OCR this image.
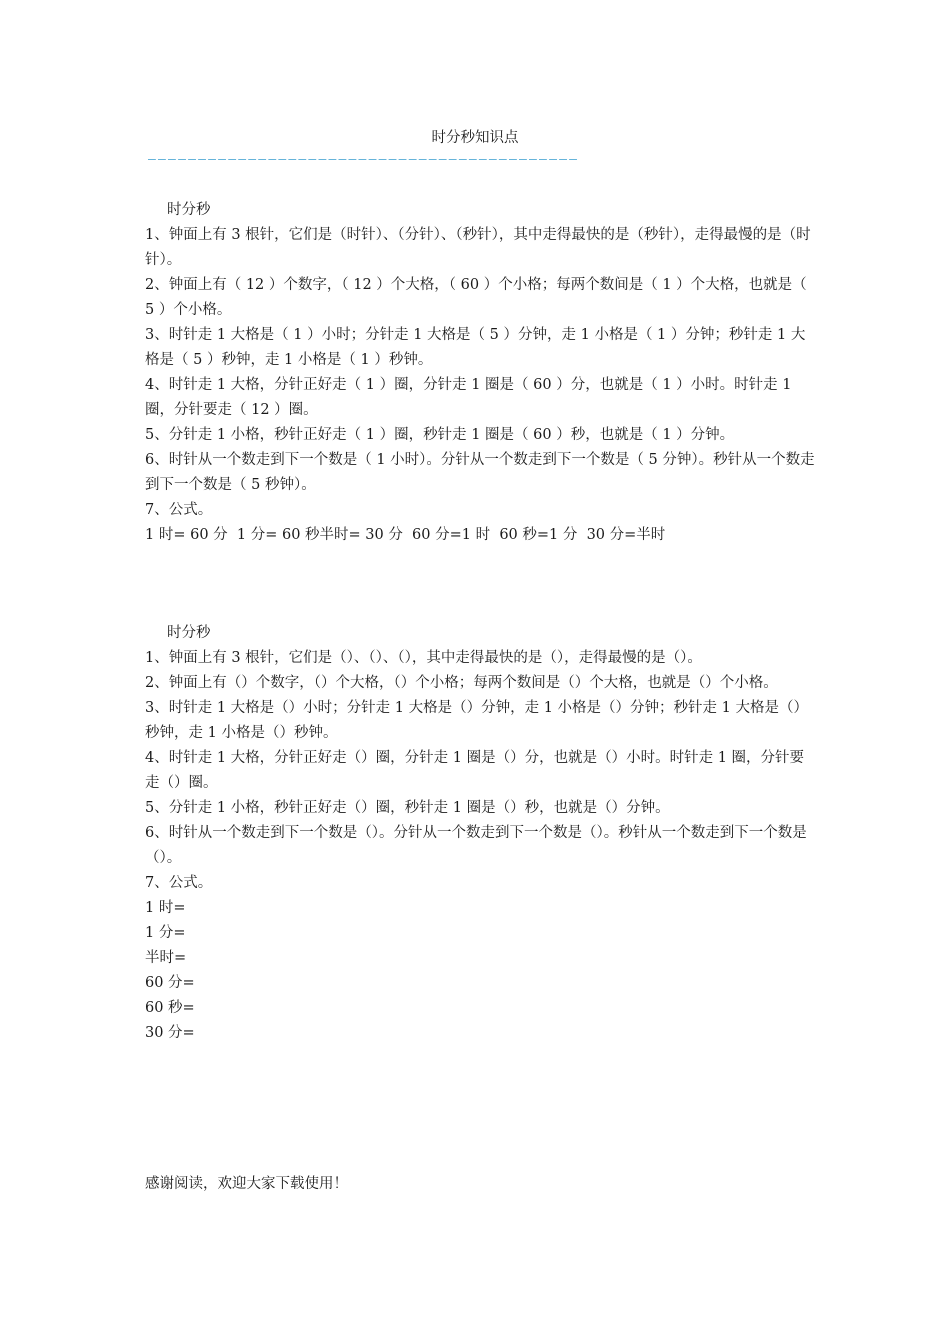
时分秒知识点
———————————————————————————————————————————

时分秒

1、钟面上有 3 根针，它们是（时针）、（分针）、（秒针），其中走得最快的是（秒针），走得最慢的是（时针）。

2、钟面上有（ 12 ）个数字，（ 12 ）个大格，（ 60 ）个小格；每两个数间是（ 1 ）个大格，也就是（ 5 ）个小格。

3、时针走 1 大格是（ 1 ）小时；分针走 1 大格是（ 5 ）分钟，走 1 小格是（ 1 ）分钟；秒针走 1 大格是（ 5 ）秒钟，走 1 小格是（ 1 ）秒钟。

4、时针走 1 大格，分针正好走（ 1 ）圈，分针走 1 圈是（ 60 ）分，也就是（ 1 ）小时。时针走 1 圈，分针要走（ 12 ）圈。

5、分针走 1 小格，秒针正好走（ 1 ）圈，秒针走 1 圈是（ 60 ）秒，也就是（ 1 ）分钟。

6、时针从一个数走到下一个数是（ 1 小时）。分针从一个数走到下一个数是（ 5 分钟）。秒针从一个数走到下一个数是（ 5 秒钟）。

7、公式。

1 时= 60 分  1 分= 60 秒半时= 30 分  60 分=1 时  60 秒=1 分  30 分=半时

时分秒

1、钟面上有 3 根针，它们是（）、（）、（），其中走得最快的是（），走得最慢的是（）。

2、钟面上有（）个数字，（）个大格，（）个小格；每两个数间是（）个大格，也就是（）个小格。

3、时针走 1 大格是（）小时；分针走 1 大格是（）分钟，走 1 小格是（）分钟；秒针走 1 大格是（）秒钟，走 1 小格是（）秒钟。

4、时针走 1 大格，分针正好走（）圈，分针走 1 圈是（）分，也就是（）小时。时针走 1 圈，分针要走（）圈。

5、分针走 1 小格，秒针正好走（）圈，秒针走 1 圈是（）秒，也就是（）分钟。

6、时针从一个数走到下一个数是（）。分针从一个数走到下一个数是（）。秒针从一个数走到下一个数是（）。

7、公式。

1 时=

1 分=

半时=

60 分=

60 秒=

30 分=

感谢阅读，欢迎大家下载使用！
